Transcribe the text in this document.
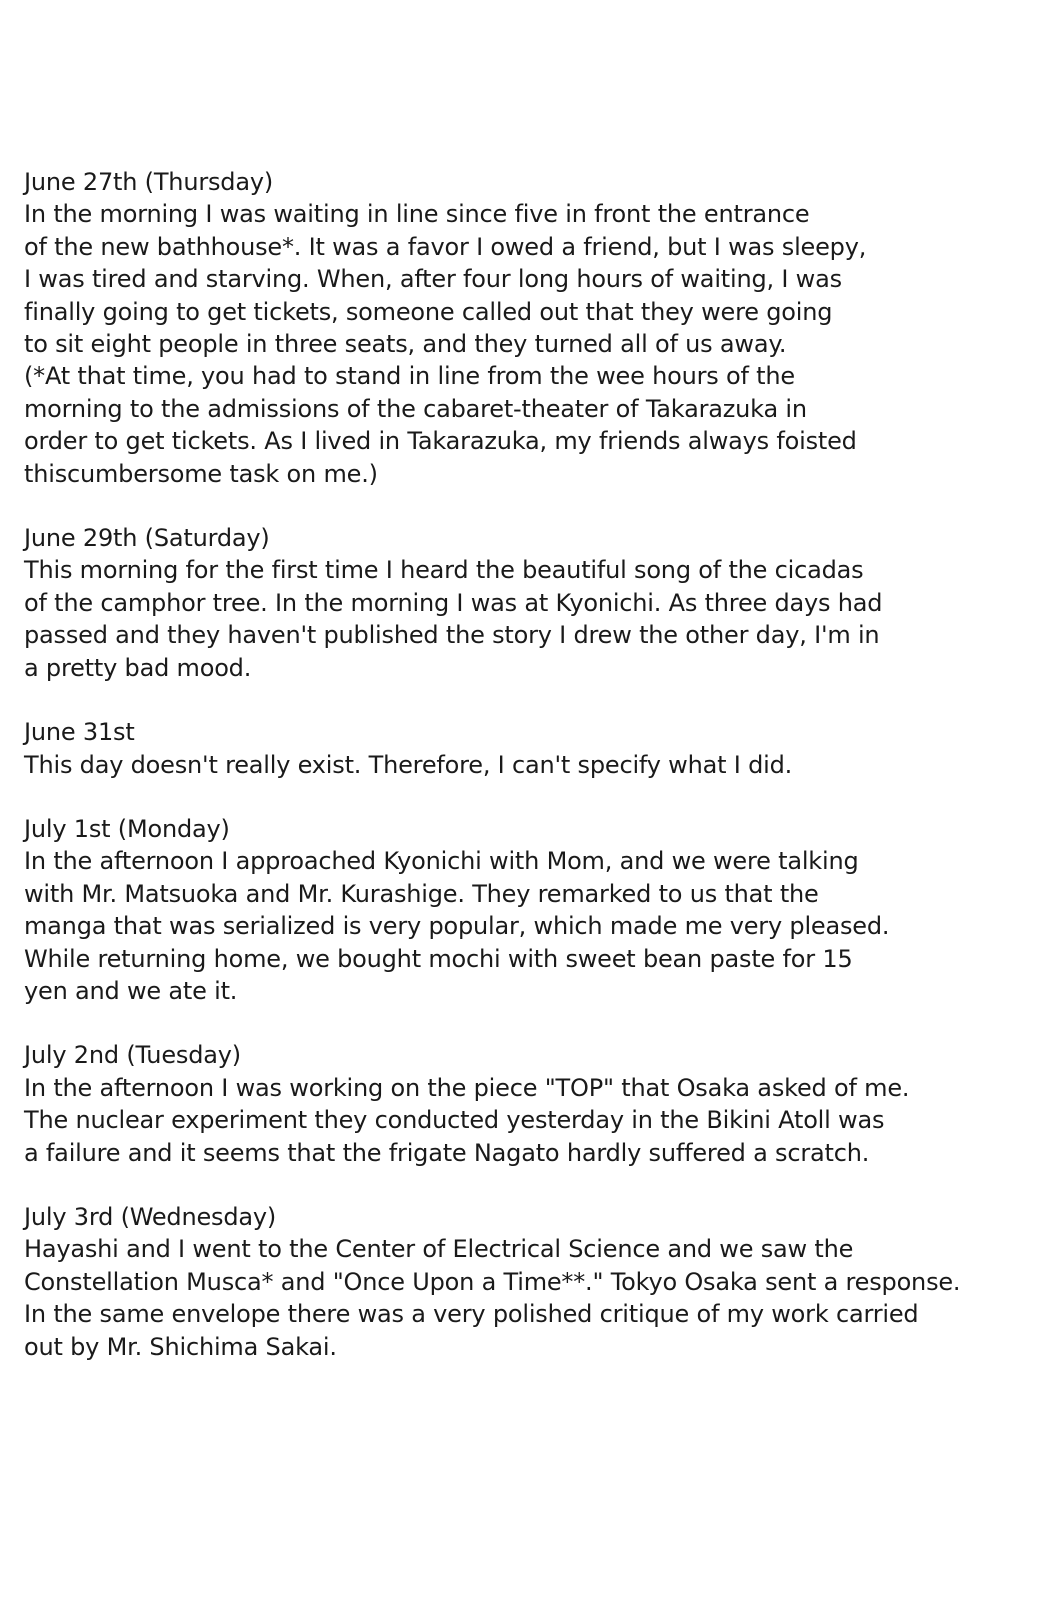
June 27th (Thursday)
In the morning I was waiting in line since five in front the entrance
of the new bathhouse*. It was a favor I owed a friend, but I was sleepy,
I was tired and starving. When, after four long hours of waiting, I was
finally going to get tickets, someone called out that they were going
to sit eight people in three seats, and they turned all of us away.
(*At that time, you had to stand in line from the wee hours of the
morning to the admissions of the cabaret-theater of Takarazuka in
order to get tickets. As I lived in Takarazuka, my friends always foisted
thiscumbersome task on me.)
June 29th (Saturday)
This morning for the first time I heard the beautiful song of the cicadas
of the camphor tree. In the morning I was at Kyonichi. As three days had
passed and they haven't published the story I drew the other day, I'm in
a pretty bad mood.
June 31st
This day doesn't really exist. Therefore, I can't specify what I did.
July 1st (Monday)
In the afternoon I approached Kyonichi with Mom, and we were talking
with Mr. Matsuoka and Mr. Kurashige. They remarked to us that the
manga that was serialized is very popular, which made me very pleased.
While returning home, we bought mochi with sweet bean paste for 15
yen and we ate it.
July 2nd (Tuesday)
In the afternoon I was working on the piece "TOP" that Osaka asked of me.
The nuclear experiment they conducted yesterday in the Bikini Atoll was
a failure and it seems that the frigate Nagato hardly suffered a scratch.
July 3rd (Wednesday)
Hayashi and I went to the Center of Electrical Science and we saw the
Constellation Musca* and "Once Upon a Time**." Tokyo Osaka sent a response.
In the same envelope there was a very polished critique of my work carried
out by Mr. Shichima Sakai.
